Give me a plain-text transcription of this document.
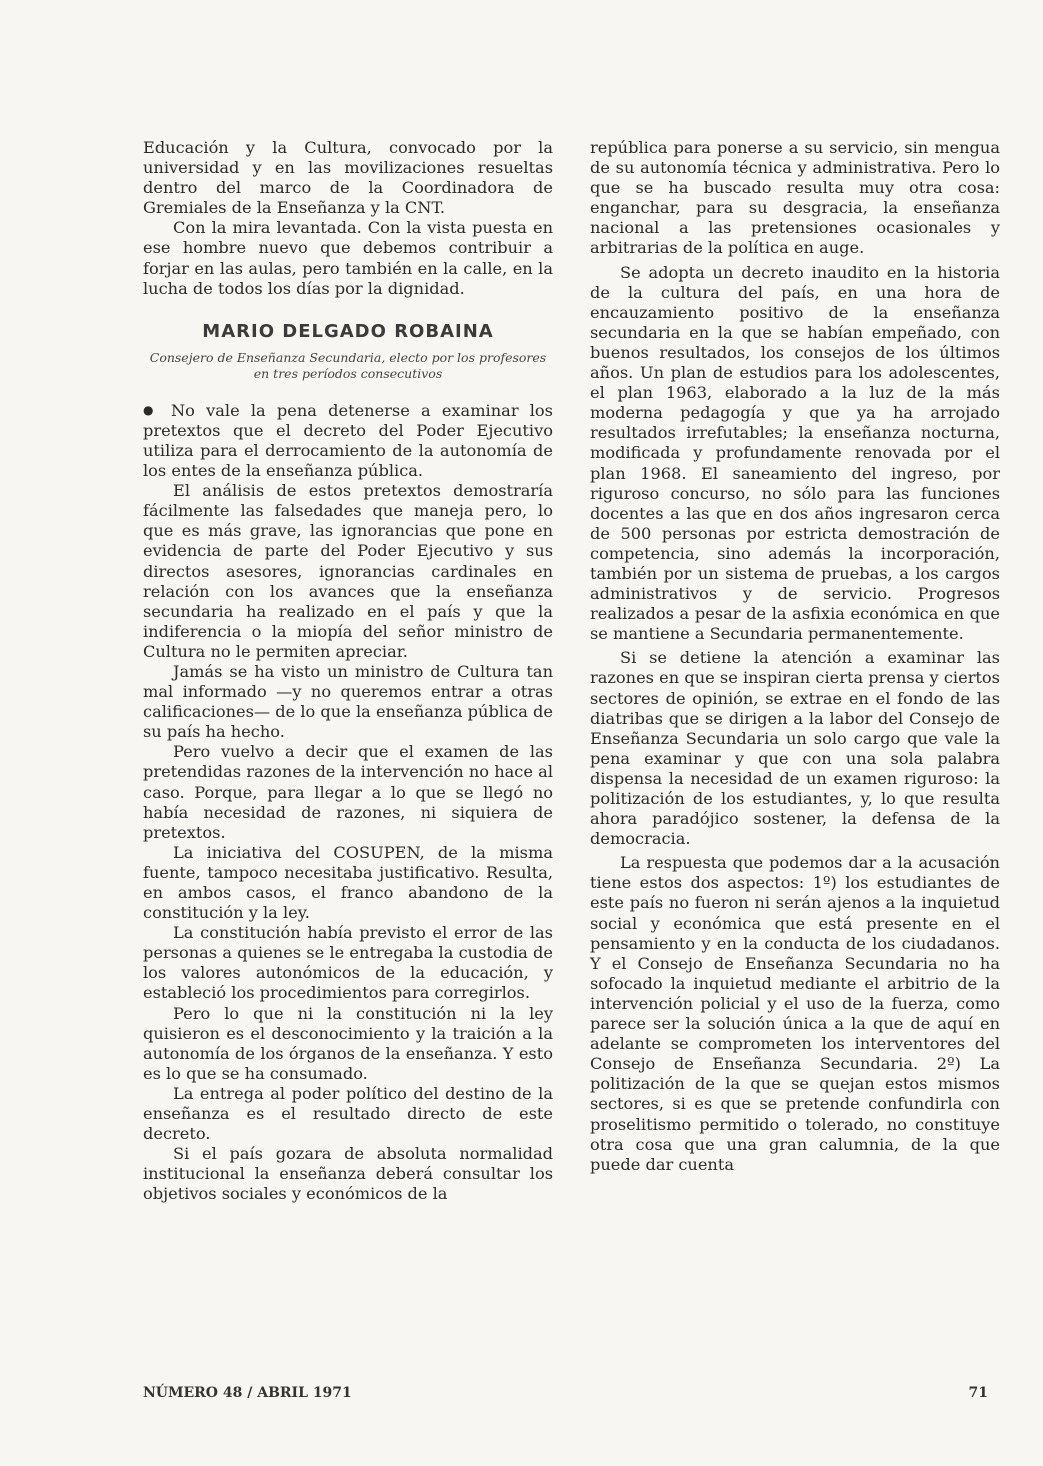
Educación y la Cultura, convocado por la universidad y en las movilizaciones resueltas dentro del marco de la Coordinadora de Gremiales de la Enseñanza y la CNT.

Con la mira levantada. Con la vista puesta en ese hombre nuevo que debemos contribuir a forjar en las aulas, pero también en la calle, en la lucha de todos los días por la dignidad.

MARIO DELGADO ROBAINA
Consejero de Enseñanza Secundaria, electo por los profesores en tres períodos consecutivos

● No vale la pena detenerse a examinar los pretextos que el decreto del Poder Ejecutivo utiliza para el derrocamiento de la autonomía de los entes de la enseñanza pública.

El análisis de estos pretextos demostraría fácilmente las falsedades que maneja pero, lo que es más grave, las ignorancias que pone en evidencia de parte del Poder Ejecutivo y sus directos asesores, ignorancias cardinales en relación con los avances que la enseñanza secundaria ha realizado en el país y que la indiferencia o la miopía del señor ministro de Cultura no le permiten apreciar.

Jamás se ha visto un ministro de Cultura tan mal informado —y no queremos entrar a otras calificaciones— de lo que la enseñanza pública de su país ha hecho.

Pero vuelvo a decir que el examen de las pretendidas razones de la intervención no hace al caso. Porque, para llegar a lo que se llegó no había necesidad de razones, ni siquiera de pretextos.

La iniciativa del COSUPEN, de la misma fuente, tampoco necesitaba justificativo. Resulta, en ambos casos, el franco abandono de la constitución y la ley.

La constitución había previsto el error de las personas a quienes se le entregaba la custodia de los valores autonómicos de la educación, y estableció los procedimientos para corregirlos.

Pero lo que ni la constitución ni la ley quisieron es el desconocimiento y la traición a la autonomía de los órganos de la enseñanza. Y esto es lo que se ha consumado.

La entrega al poder político del destino de la enseñanza es el resultado directo de este decreto.

Si el país gozara de absoluta normalidad institucional la enseñanza deberá consultar los objetivos sociales y económicos de la

república para ponerse a su servicio, sin mengua de su autonomía técnica y administrativa. Pero lo que se ha buscado resulta muy otra cosa: enganchar, para su desgracia, la enseñanza nacional a las pretensiones ocasionales y arbitrarias de la política en auge.

Se adopta un decreto inaudito en la historia de la cultura del país, en una hora de encauzamiento positivo de la enseñanza secundaria en la que se habían empeñado, con buenos resultados, los consejos de los últimos años. Un plan de estudios para los adolescentes, el plan 1963, elaborado a la luz de la más moderna pedagogía y que ya ha arrojado resultados irrefutables; la enseñanza nocturna, modificada y profundamente renovada por el plan 1968. El saneamiento del ingreso, por riguroso concurso, no sólo para las funciones docentes a las que en dos años ingresaron cerca de 500 personas por estricta demostración de competencia, sino además la incorporación, también por un sistema de pruebas, a los cargos administrativos y de servicio. Progresos realizados a pesar de la asfixia económica en que se mantiene a Secundaria permanentemente.

Si se detiene la atención a examinar las razones en que se inspiran cierta prensa y ciertos sectores de opinión, se extrae en el fondo de las diatribas que se dirigen a la labor del Consejo de Enseñanza Secundaria un solo cargo que vale la pena examinar y que con una sola palabra dispensa la necesidad de un examen riguroso: la politización de los estudiantes, y, lo que resulta ahora paradójico sostener, la defensa de la democracia.

La respuesta que podemos dar a la acusación tiene estos dos aspectos: 1º) los estudiantes de este país no fueron ni serán ajenos a la inquietud social y económica que está presente en el pensamiento y en la conducta de los ciudadanos. Y el Consejo de Enseñanza Secundaria no ha sofocado la inquietud mediante el arbitrio de la intervención policial y el uso de la fuerza, como parece ser la solución única a la que de aquí en adelante se comprometen los interventores del Consejo de Enseñanza Secundaria. 2º) La politización de la que se quejan estos mismos sectores, si es que se pretende confundirla con proselitismo permitido o tolerado, no constituye otra cosa que una gran calumnia, de la que puede dar cuenta

NÚMERO 48 / ABRIL 1971	71
